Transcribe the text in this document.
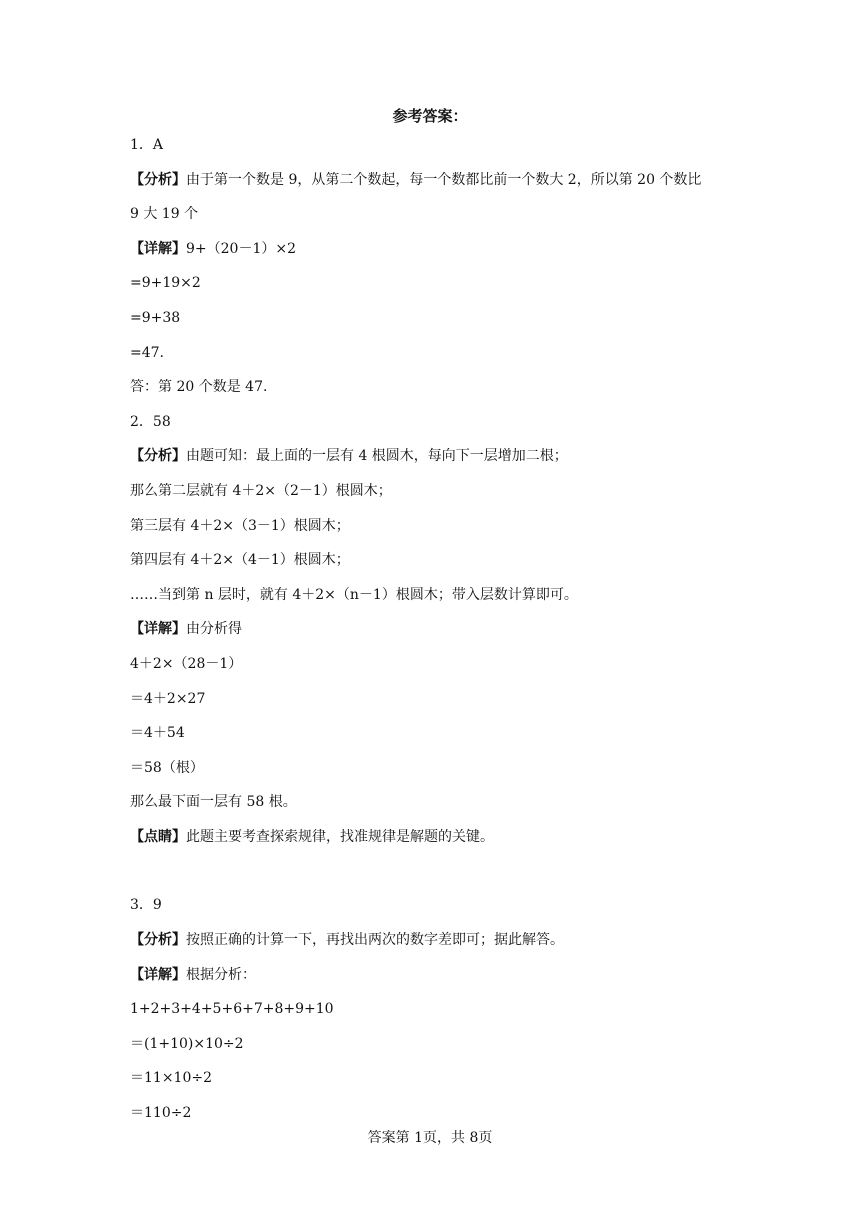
参考答案：
1．A
【分析】由于第一个数是 9，从第二个数起，每一个数都比前一个数大 2，所以第 20 个数比
9 大 19 个
【详解】9+（20－1）×2
=9+19×2
=9+38
=47.
答：第 20 个数是 47.
2．58
【分析】由题可知：最上面的一层有 4 根圆木，每向下一层增加二根；
那么第二层就有 4＋2×（2－1）根圆木；
第三层有 4＋2×（3－1）根圆木；
第四层有 4＋2×（4－1）根圆木；
……当到第 n 层时，就有 4＋2×（n－1）根圆木；带入层数计算即可。
【详解】由分析得
4＋2×（28－1）
＝4＋2×27
＝4＋54
＝58（根）
那么最下面一层有 58 根。
【点睛】此题主要考查探索规律，找准规律是解题的关键。
3．9
【分析】按照正确的计算一下，再找出两次的数字差即可；据此解答。
【详解】根据分析：
1+2+3+4+5+6+7+8+9+10
＝(1+10)×10÷2
＝11×10÷2
＝110÷2
答案第 1页，共 8页
